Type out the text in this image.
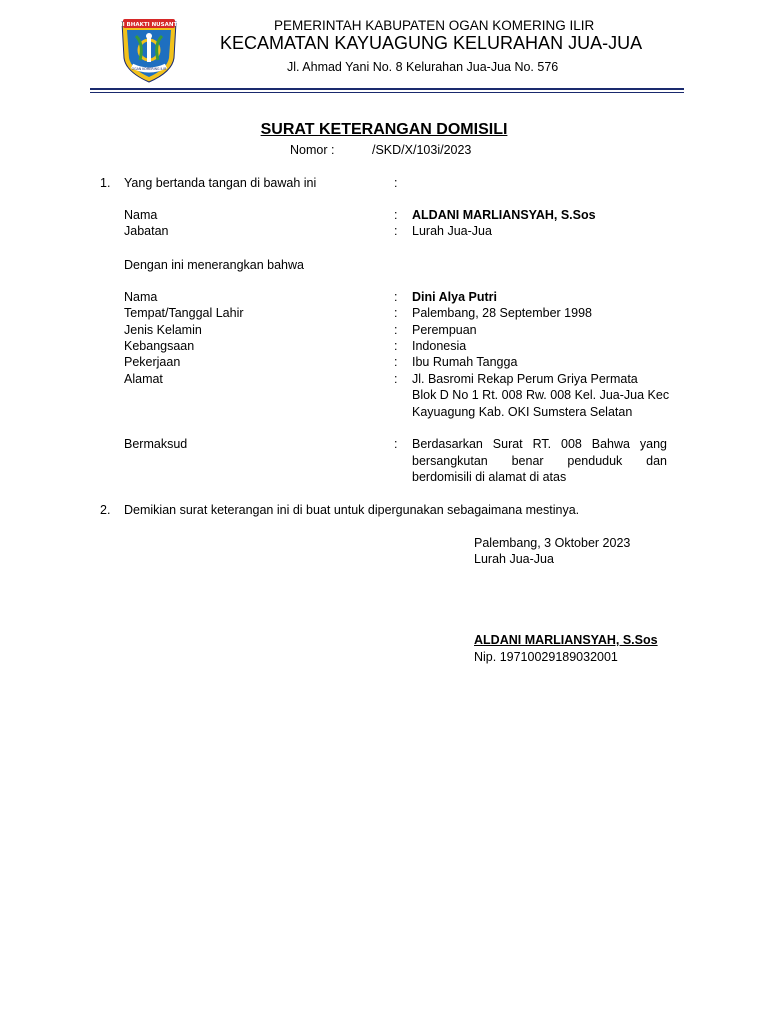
BUMI BHAKTI NUSANTARA
OGAN KOMERING ILIR
PEMERINTAH KABUPATEN OGAN KOMERING ILIR
KECAMATAN KAYUAGUNG KELURAHAN JUA-JUA
Jl. Ahmad Yani No. 8 Kelurahan Jua-Jua No. 576
SURAT KETERANGAN DOMISILI
Nomor :	/SKD/X/103i/2023
1. Yang bertanda tangan di bawah ini	:
Nama	: ALDANI MARLIANSYAH, S.Sos
Jabatan	: Lurah Jua-Jua
Dengan ini menerangkan bahwa
Nama	: Dini Alya Putri
Tempat/Tanggal Lahir	: Palembang, 28 September 1998
Jenis Kelamin	: Perempuan
Kebangsaan	: Indonesia
Pekerjaan	: Ibu Rumah Tangga
Alamat	: Jl. Basromi Rekap Perum Griya Permata
Blok D No 1 Rt. 008 Rw. 008 Kel. Jua-Jua Kec
Kayuagung Kab. OKI Sumstera Selatan
Bermaksud	: Berdasarkan Surat RT. 008 Bahwa yang
bersangkutan benar penduduk dan
berdomisili di alamat di atas
2. Demikian surat keterangan ini di buat untuk dipergunakan sebagaimana mestinya.
Palembang, 3 Oktober 2023
Lurah Jua-Jua
ALDANI MARLIANSYAH, S.Sos
Nip. 19710029189032001
